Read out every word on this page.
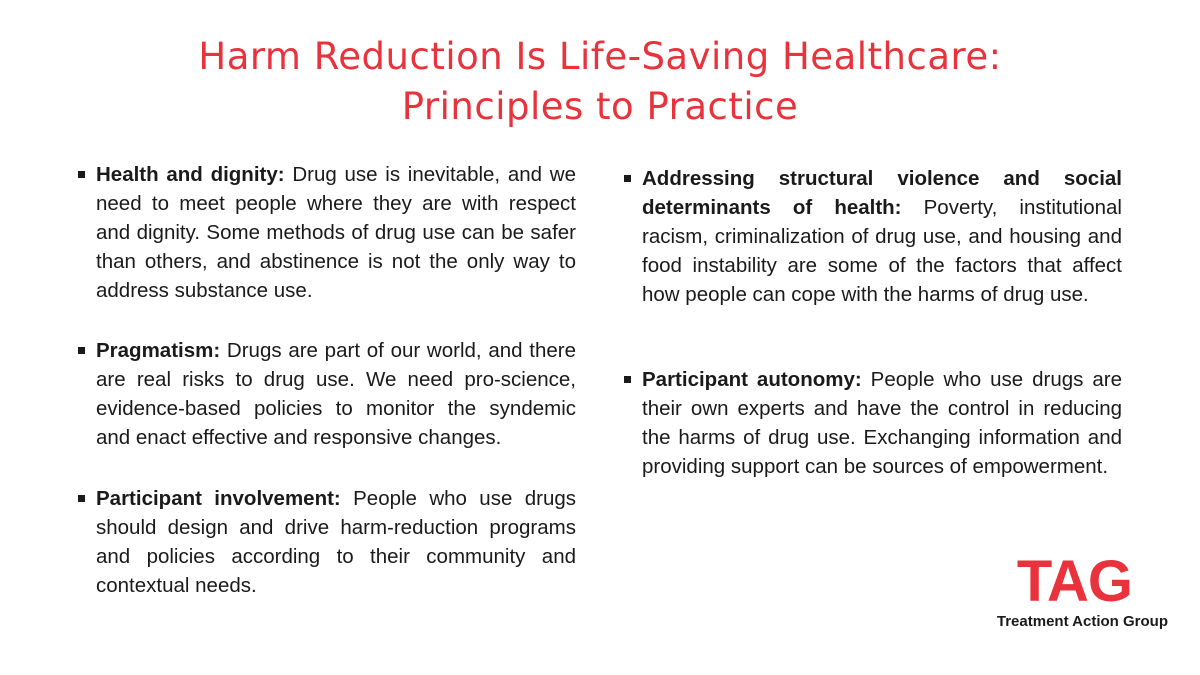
Harm Reduction Is Life-Saving Healthcare:
Principles to Practice
Health and dignity: Drug use is inevitable, and we need to meet people where they are with respect and dignity. Some methods of drug use can be safer than others, and abstinence is not the only way to address substance use.
Pragmatism: Drugs are part of our world, and there are real risks to drug use. We need pro-science, evidence-based policies to monitor the syndemic and enact effective and responsive changes.
Participant involvement: People who use drugs should design and drive harm-reduction programs and policies according to their community and contextual needs.
Addressing structural violence and social determinants of health: Poverty, institutional racism, criminalization of drug use, and housing and food instability are some of the factors that affect how people can cope with the harms of drug use.
Participant autonomy: People who use drugs are their own experts and have the control in reducing the harms of drug use. Exchanging information and providing support can be sources of empowerment.
TAG
Treatment Action Group
